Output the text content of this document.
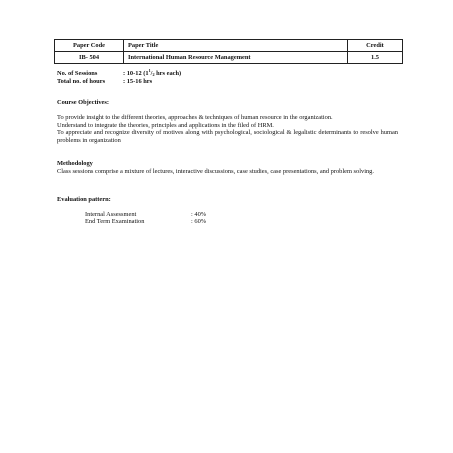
Paper Code	Paper Title	Credit
IB- 504	International Human Resource Management	1.5
No. of Sessions	: 10-12 ($1^1/_2$ hrs each)
Total no. of hours	: 15-16 hrs
Course Objectives:

To provide insight to the different theories, approaches & techniques of human resource in the organization.

Understand to integrate the theories, principles and applications in the filed of HRM.

To appreciate and recognize diversity of motives along with psychological, sociological & legalistic determinants to resolve human problems in organization

Methodology

Class sessions comprise a mixture of lectures, interactive discussions, case studies, case presentations, and problem solving.

Evaluation pattern:
Internal Assessment	: 40%
End Term Examination	: 60%
